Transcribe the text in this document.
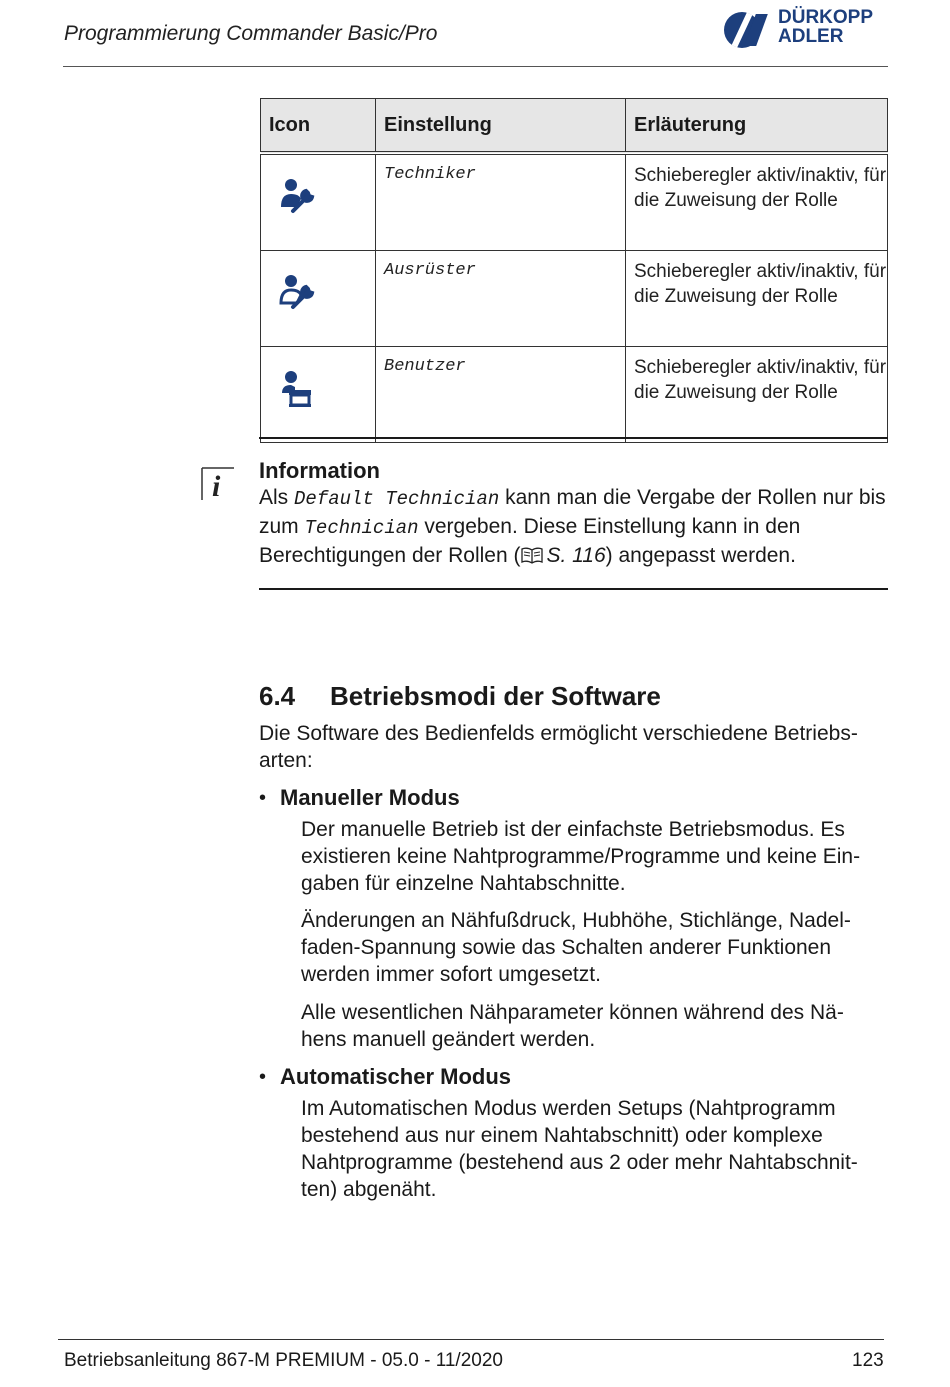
Programmierung Commander Basic/Pro
DÜRKOPP
ADLER
Icon	Einstellung	Erläuterung

	Techniker	Schieberegler aktiv/inaktiv, für die Zuweisung der Rolle

	Ausrüster	Schieberegler aktiv/inaktiv, für die Zuweisung der Rolle

	Benutzer	Schieberegler aktiv/inaktiv, für die Zuweisung der Rolle
i Information
Als Default Technician kann man die Vergabe der Rollen nur bis zum Technician vergeben. Diese Einstellung kann in den Berechtigungen der Rollen ( S. 116) angepasst werden.
6.4 Betriebsmodi der Software
Die Software des Bedienfelds ermöglicht verschiedene Betriebs-
arten:
• Manueller Modus
Der manuelle Betrieb ist der einfachste Betriebsmodus. Es
existieren keine Nahtprogramme/Programme und keine Ein-
gaben für einzelne Nahtabschnitte.
Änderungen an Nähfußdruck, Hubhöhe, Stichlänge, Nadel-
faden-Spannung sowie das Schalten anderer Funktionen
werden immer sofort umgesetzt.
Alle wesentlichen Nähparameter können während des Nä-
hens manuell geändert werden.
• Automatischer Modus
Im Automatischen Modus werden Setups (Nahtprogramm
bestehend aus nur einem Nahtabschnitt) oder komplexe
Nahtprogramme (bestehend aus 2 oder mehr Nahtabschnit-
ten) abgenäht.
Betriebsanleitung 867-M PREMIUM - 05.0 - 11/2020	123
